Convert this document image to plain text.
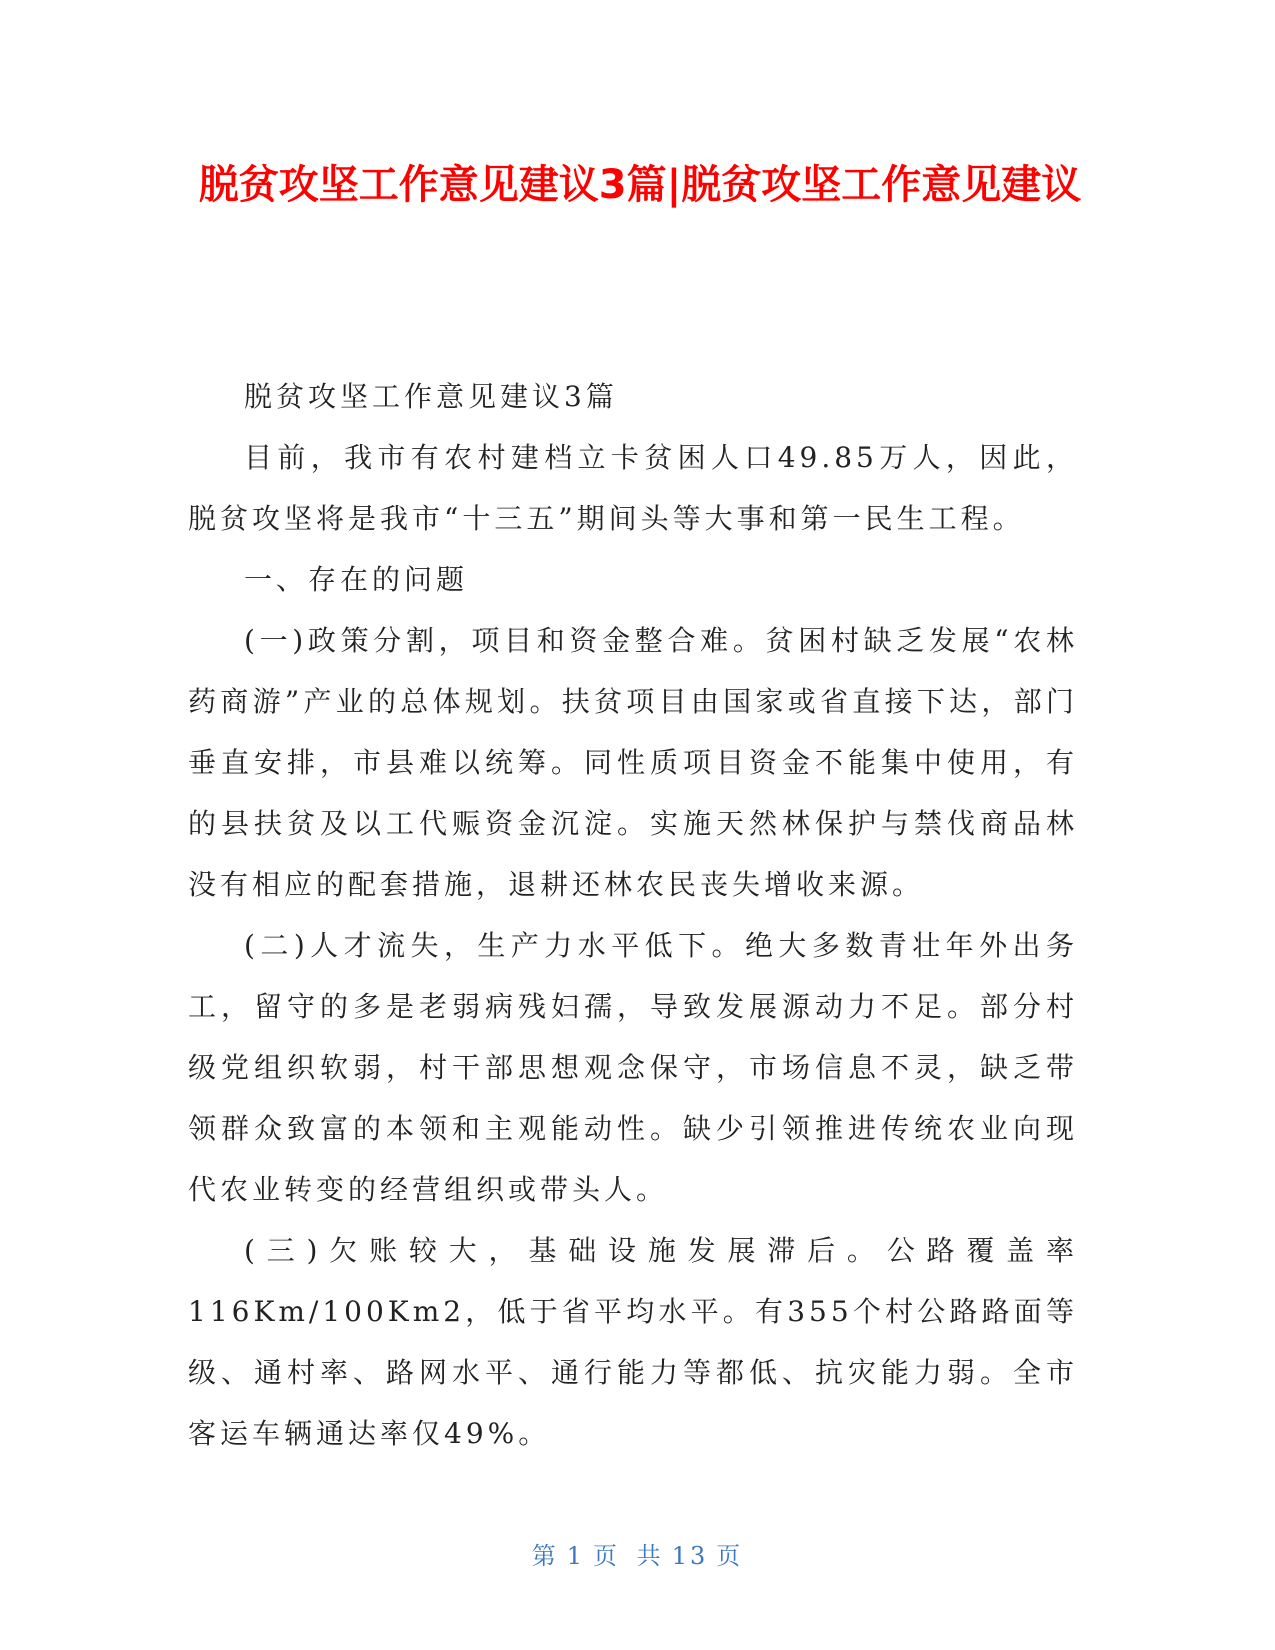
脱贫攻坚工作意见建议3篇|脱贫攻坚工作意见建议

脱贫攻坚工作意见建议3篇

目前，我市有农村建档立卡贫困人口49.85万人，因此，脱贫攻坚将是我市“十三五”期间头等大事和第一民生工程。

一、存在的问题

(一)政策分割，项目和资金整合难。贫困村缺乏发展“农林药商游”产业的总体规划。扶贫项目由国家或省直接下达，部门垂直安排，市县难以统筹。同性质项目资金不能集中使用，有的县扶贫及以工代赈资金沉淀。实施天然林保护与禁伐商品林没有相应的配套措施，退耕还林农民丧失增收来源。

(二)人才流失，生产力水平低下。绝大多数青壮年外出务工，留守的多是老弱病残妇孺，导致发展源动力不足。部分村级党组织软弱，村干部思想观念保守，市场信息不灵，缺乏带领群众致富的本领和主观能动性。缺少引领推进传统农业向现代农业转变的经营组织或带头人。

(三)欠账较大，基础设施发展滞后。公路覆盖率116Km/100Km2，低于省平均水平。有355个村公路路面等级、通村率、路网水平、通行能力等都低、抗灾能力弱。全市客运车辆通达率仅49%。

第 1 页 共 13 页
